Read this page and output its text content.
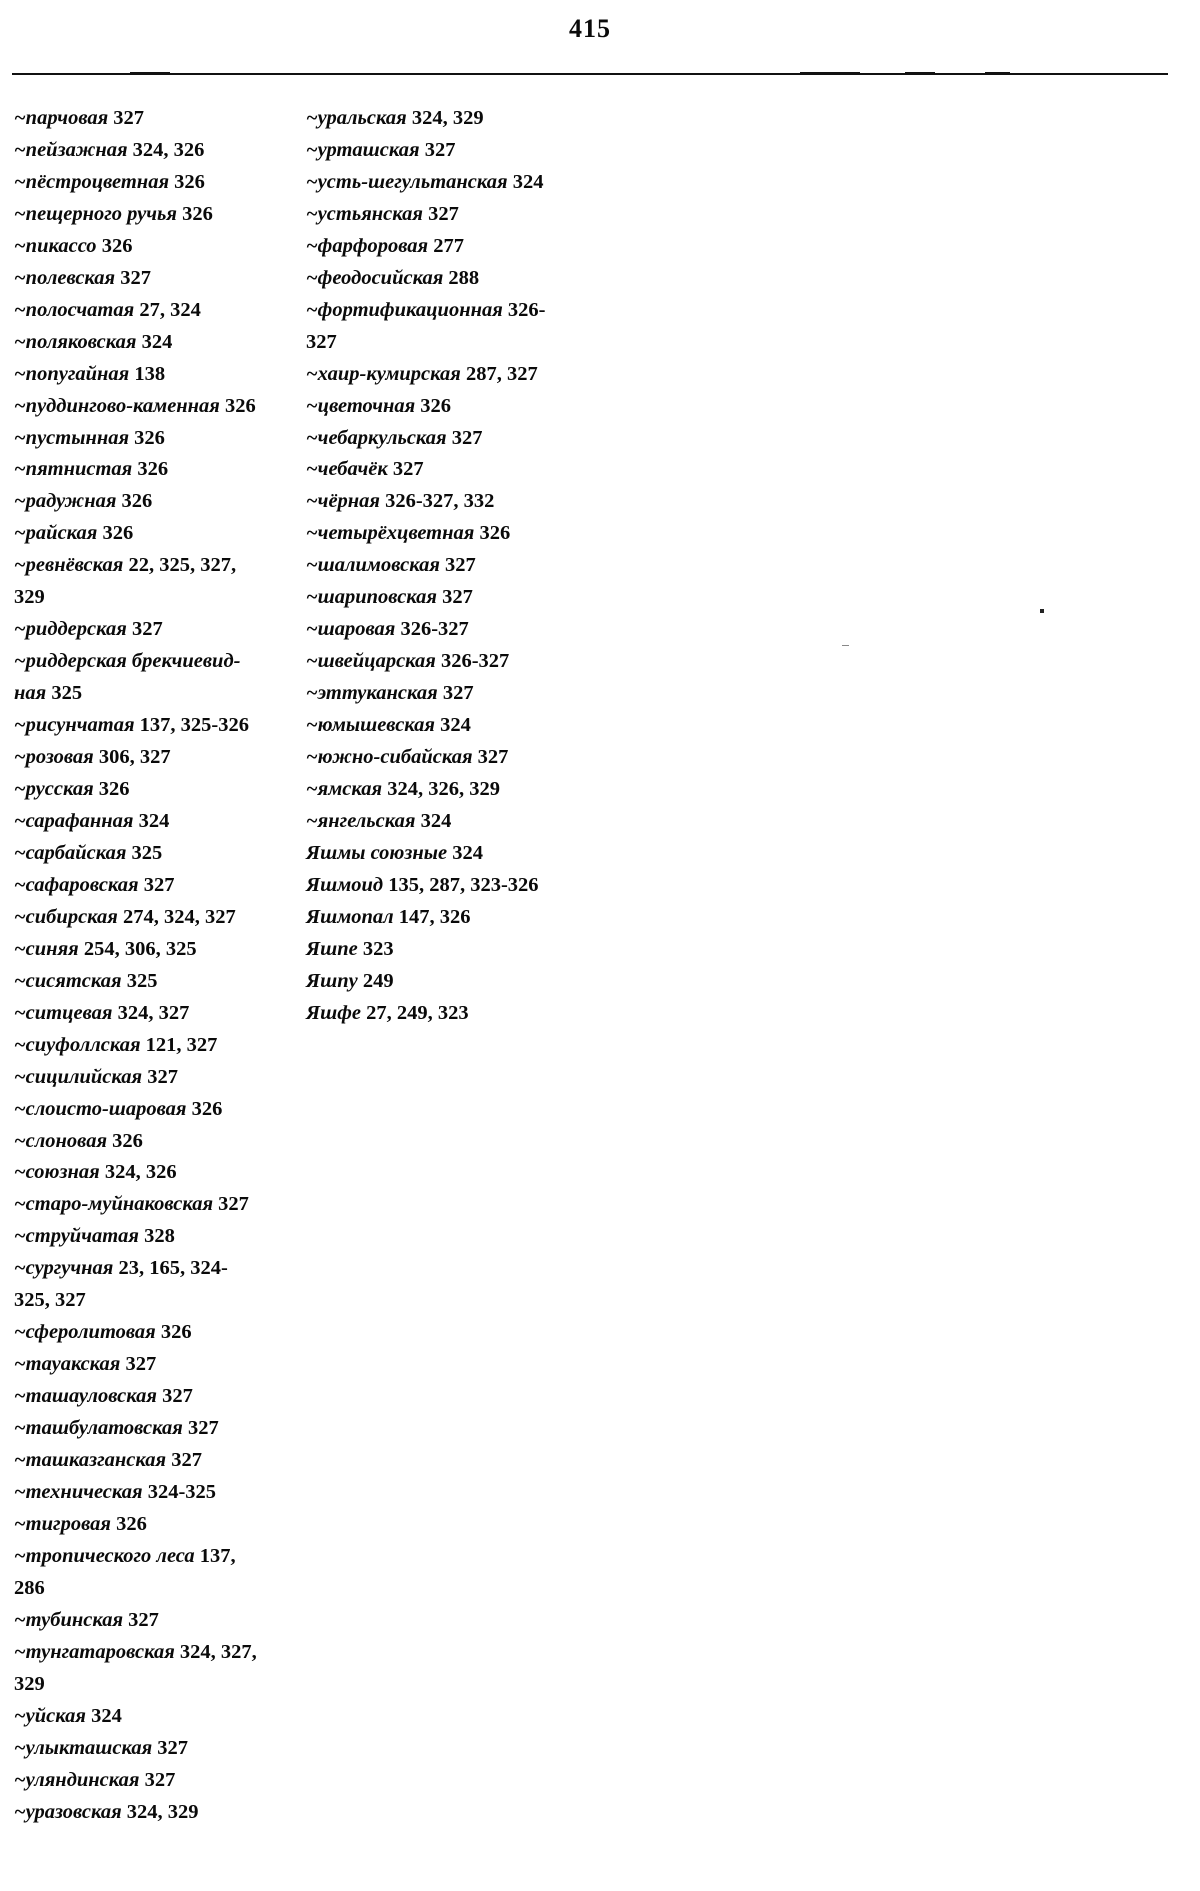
415
~парчовая 327
~пейзажная 324, 326
~пёстроцветная 326
~пещерного ручья 326
~пикассо 326
~полевская 327
~полосчатая 27, 324
~поляковская 324
~попугайная 138
~пуддингово-каменная 326
~пустынная 326
~пятнистая 326
~радужная 326
~райская 326
~ревнёвская 22, 325, 327,
329
~риддерская 327
~риддерская брекчиевид-
ная 325
~рисунчатая 137, 325-326
~розовая 306, 327
~русская 326
~сарафанная 324
~сарбайская 325
~сафаровская 327
~сибирская 274, 324, 327
~синяя 254, 306, 325
~сисятская 325
~ситцевая 324, 327
~сиуфоллская 121, 327
~сицилийская 327
~слоисто-шаровая 326
~слоновая 326
~союзная 324, 326
~старо-муйнаковская 327
~струйчатая 328
~сургучная 23, 165, 324-
325, 327
~сферолитовая 326
~тауакская 327
~ташауловская 327
~ташбулатовская 327
~ташказганская 327
~техническая 324-325
~тигровая 326
~тропического леса 137,
286
~тубинская 327
~тунгатаровская 324, 327,
329
~уйская 324
~улыкташская 327
~уляндинская 327
~уразовская 324, 329
~уральская 324, 329
~урташская 327
~усть-шегультанская 324
~устьянская 327
~фарфоровая 277
~феодосийская 288
~фортификационная 326-
327
~хаир-кумирская 287, 327
~цветочная 326
~чебаркульская 327
~чебачёк 327
~чёрная 326-327, 332
~четырёхцветная 326
~шалимовская 327
~шариповская 327
~шаровая 326-327
~швейцарская 326-327
~эттуканская 327
~юмышевская 324
~южно-сибайская 327
~ямская 324, 326, 329
~янгельская 324
Яшмы союзные 324
Яшмоид 135, 287, 323-326
Яшмопал 147, 326
Яшпе 323
Яшпу 249
Яшфе 27, 249, 323
